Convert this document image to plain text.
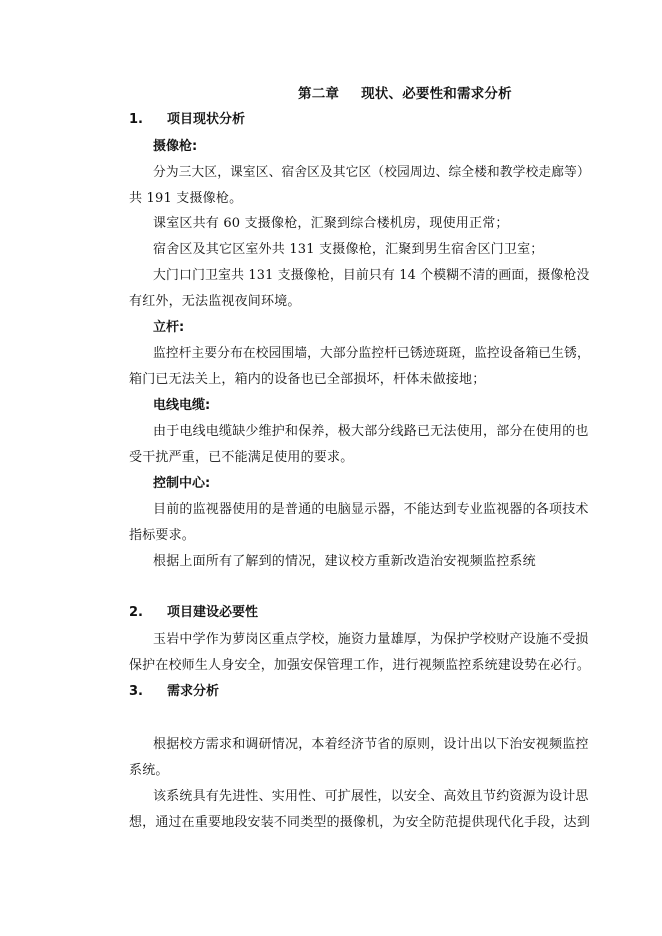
第二章 现状、必要性和需求分析
1. 项目现状分析
摄像枪:
分为三大区，课室区、宿舍区及其它区（校园周边、综全楼和教学校走廊等）
共 191 支摄像枪。
课室区共有 60 支摄像枪，汇聚到综合楼机房，现使用正常；
宿舍区及其它区室外共 131 支摄像枪，汇聚到男生宿舍区门卫室；
大门口门卫室共 131 支摄像枪，目前只有 14 个模糊不清的画面，摄像枪没
有红外，无法监视夜间环境。
立杆:
监控杆主要分布在校园围墙，大部分监控杆已锈迹斑斑，监控设备箱已生锈，
箱门已无法关上，箱内的设备也已全部损坏，杆体未做接地；
电线电缆:
由于电线电缆缺少维护和保养，极大部分线路已无法使用，部分在使用的也
受干扰严重，已不能满足使用的要求。
控制中心:
目前的监视器使用的是普通的电脑显示器，不能达到专业监视器的各项技术
指标要求。
根据上面所有了解到的情况，建议校方重新改造治安视频监控系统
2. 项目建设必要性
玉岩中学作为萝岗区重点学校，施资力量雄厚，为保护学校财产设施不受损
保护在校师生人身安全，加强安保管理工作，进行视频监控系统建设势在必行。
3. 需求分析
根据校方需求和调研情况，本着经济节省的原则，设计出以下治安视频监控
系统。
该系统具有先进性、实用性、可扩展性，以安全、高效且节约资源为设计思
想，通过在重要地段安装不同类型的摄像机，为安全防范提供现代化手段，达到
